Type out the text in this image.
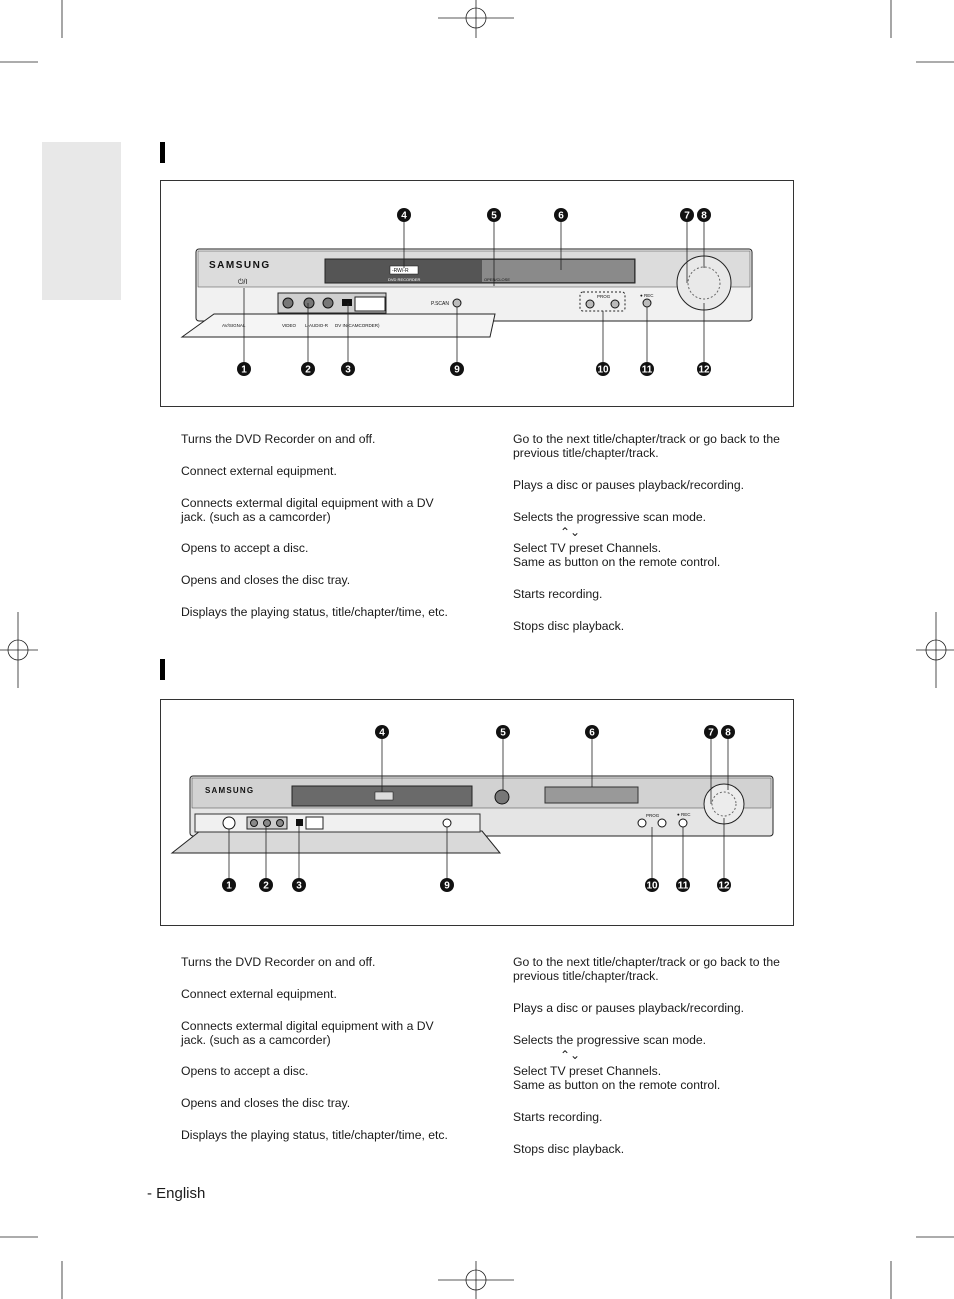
SAMSUNG
⏻/I
-RW/-R
DVD RECORDER	OPEN/CLOSE
AV/SIGNAL	VIDEO L-AUDIO-R DV IN(CAMCORDER)
P.SCAN
PROG	● REC
SAMSUNG
PROG	● REC
4	5	6	7 8
1	2	3	9	10	11	12
4	5	6	7 8
1	2	3	9	10 11	12
Turns the DVD Recorder on and off.
Connect external equipment.
Connects extermal digital equipment with a DV
jack. (such as a camcorder)
Opens to accept a disc.
Opens and closes the disc tray.
Displays the playing status, title/chapter/time, etc.
Go to the next title/chapter/track or go back to the
previous title/chapter/track.
Plays a disc or pauses playback/recording.
Selects the progressive scan mode.
⌃⌄
Select TV preset Channels.
Same as button on the remote control.
Starts recording.
Stops disc playback.
Turns the DVD Recorder on and off.
Connect external equipment.
Connects extermal digital equipment with a DV
jack. (such as a camcorder)
Opens to accept a disc.
Opens and closes the disc tray.
Displays the playing status, title/chapter/time, etc.
Go to the next title/chapter/track or go back to the
previous title/chapter/track.
Plays a disc or pauses playback/recording.
Selects the progressive scan mode.
⌃⌄
Select TV preset Channels.
Same as button on the remote control.
Starts recording.
Stops disc playback.
- English
